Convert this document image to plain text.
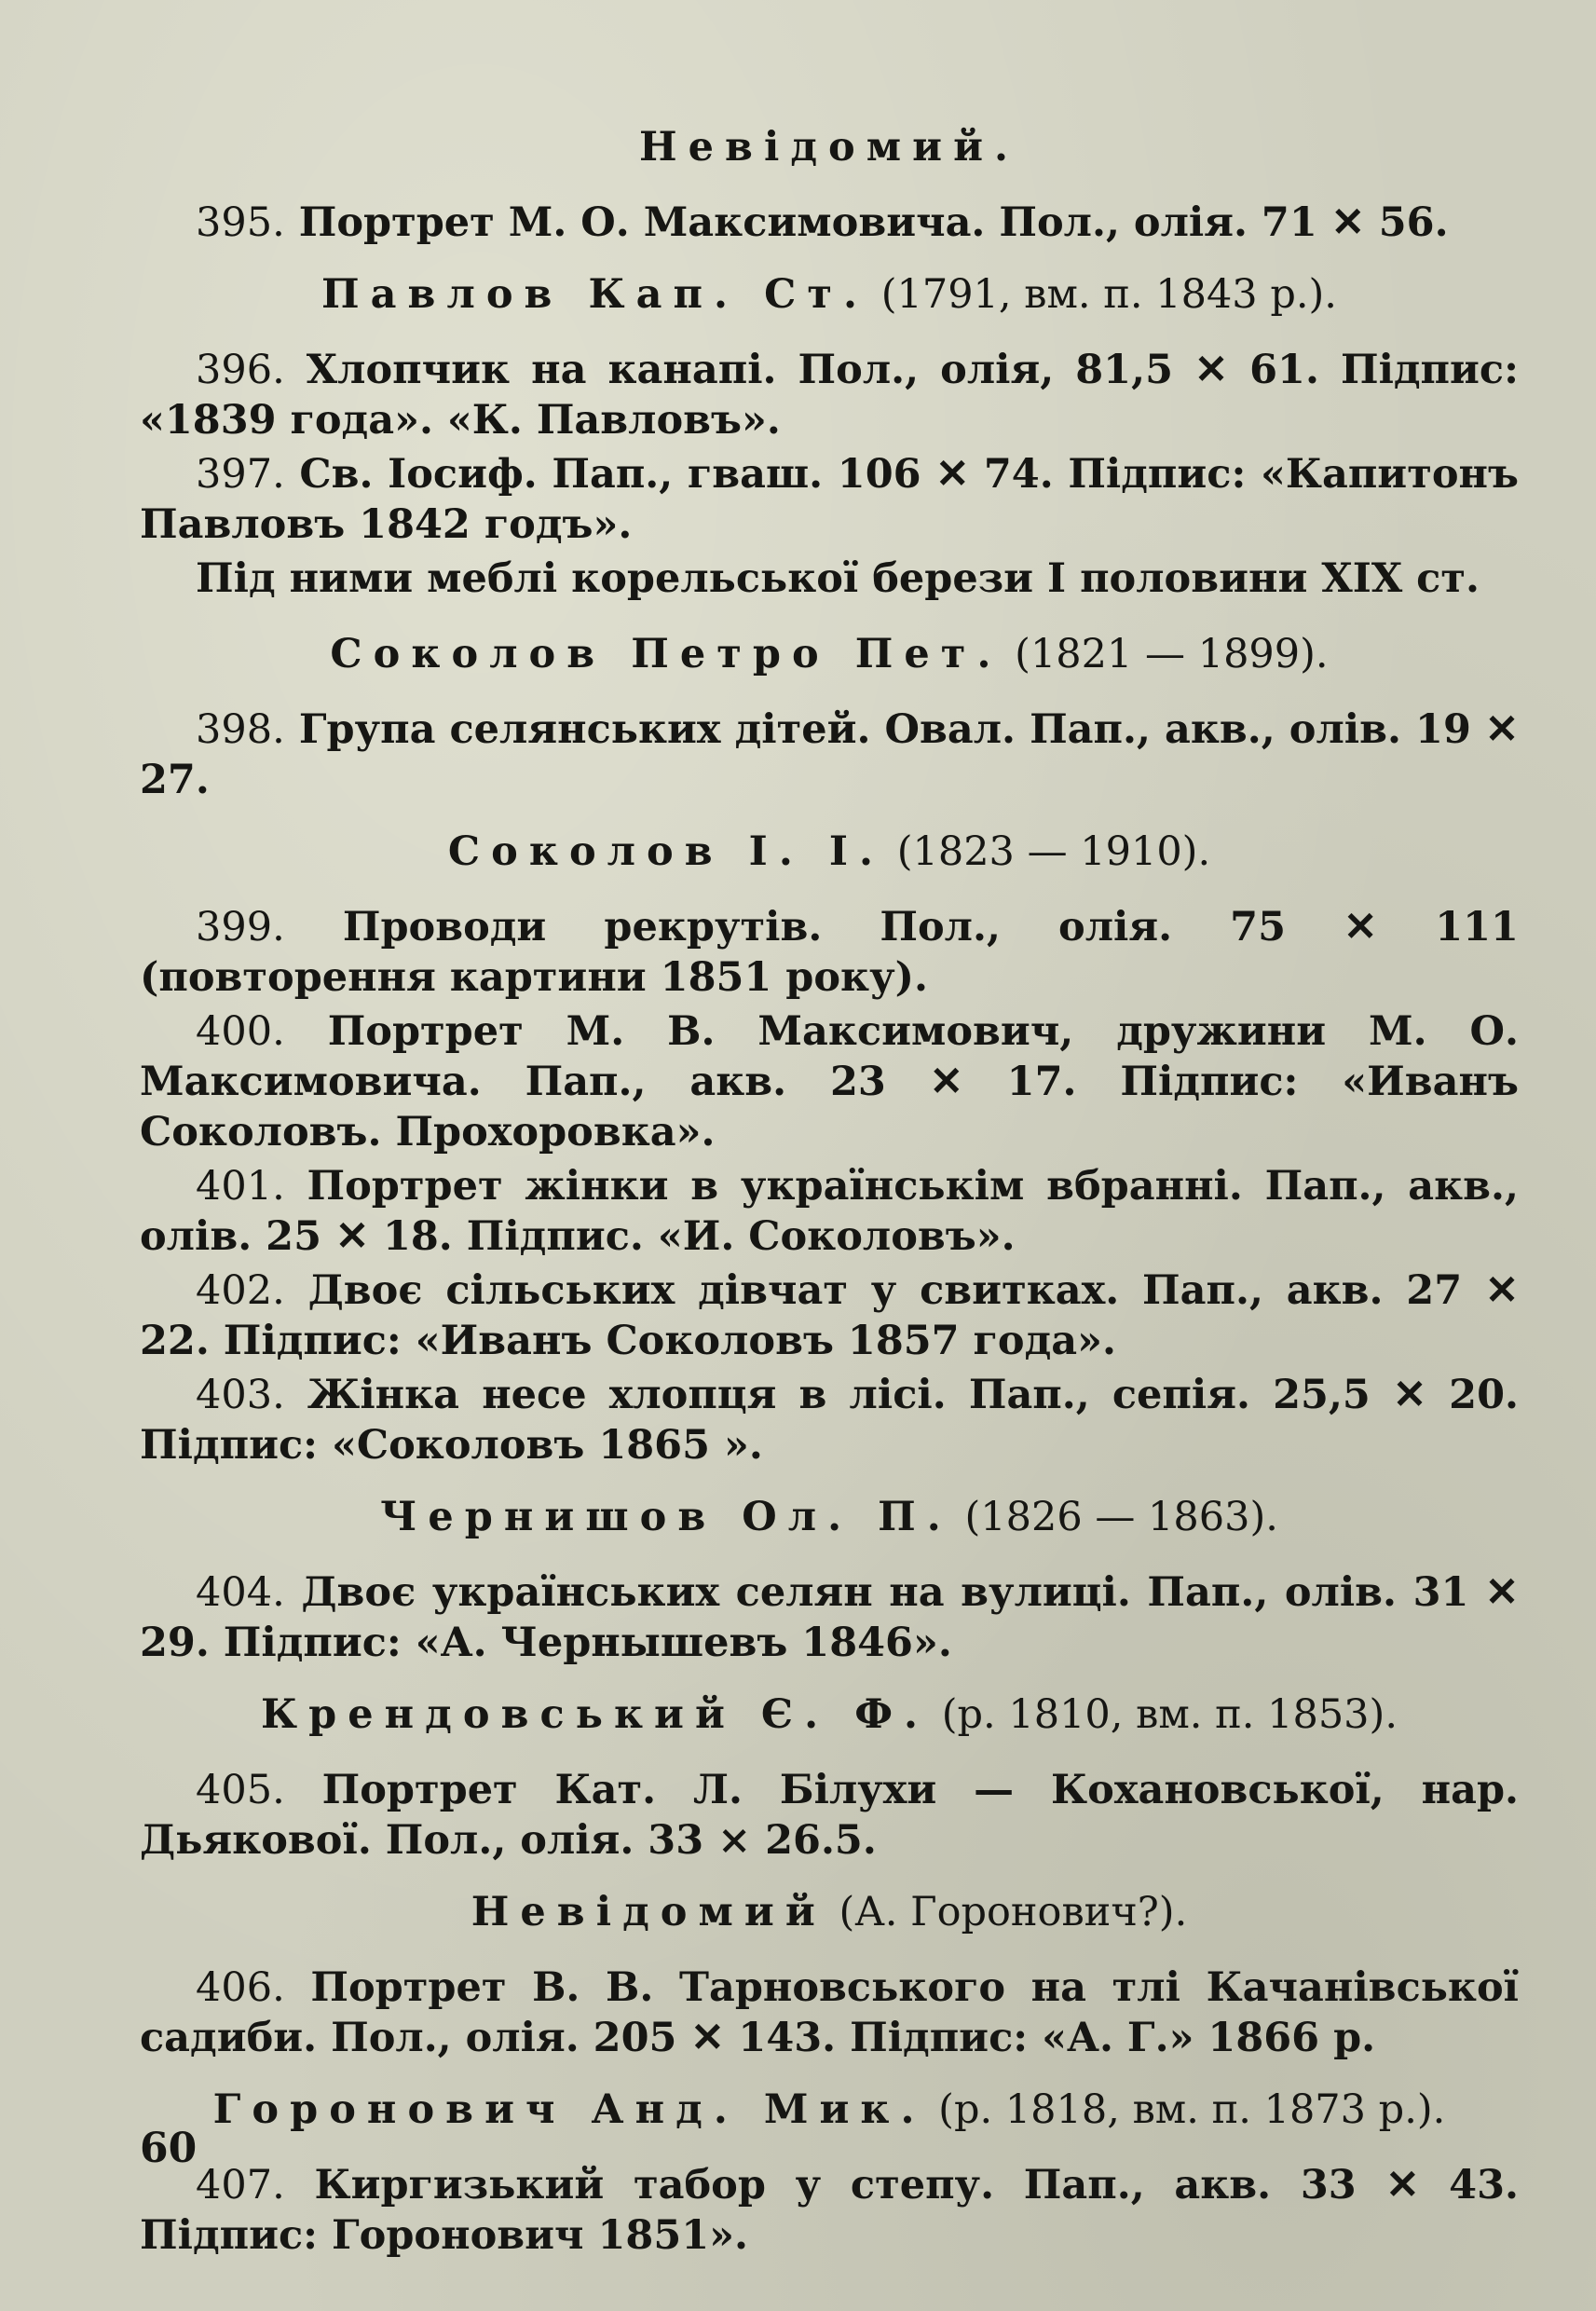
Невідомий.

395. Портрет М. О. Максимовича. Пол., олія. 71 ✕ 56.

Павлов Кап. Ст. (1791, вм. п. 1843 р.).

396. Хлопчик на канапі. Пол., олія, 81,5 ✕ 61. Підпис: «1839 года». «К. Павловъ».

397. Св. Іосиф. Пап., гваш. 106 ✕ 74. Підпис: «Капитонъ Павловъ 1842 годъ».

Під ними меблі корельської берези І половини XIX ст.

Соколов Петро Пет. (1821 — 1899).

398. Група селянських дітей. Овал. Пап., акв., олів. 19 ✕ 27.

Соколов І. І. (1823 — 1910).

399. Проводи рекрутів. Пол., олія. 75 ✕ 111 (повторення картини 1851 року).

400. Портрет М. В. Максимович, дружини М. О. Максимовича. Пап., акв. 23 ✕ 17. Підпис: «Иванъ Соколовъ. Прохоровка».

401. Портрет жінки в українськім вбранні. Пап., акв., олів. 25 ✕ 18. Підпис. «И. Соколовъ».

402. Двоє сільських дівчат у свитках. Пап., акв. 27 ✕ 22. Підпис: «Иванъ Соколовъ 1857 года».

403. Жінка несе хлопця в лісі. Пап., сепія. 25,5 ✕ 20. Підпис: «Соколовъ 1865 ».

Чернишов Ол. П. (1826 — 1863).

404. Двоє українських селян на вулиці. Пап., олів. 31 ✕ 29. Підпис: «А. Чернышевъ 1846».

Крендовський Є. Ф. (р. 1810, вм. п. 1853).

405. Портрет Кат. Л. Білухи — Кохановської, нар. Дьякової. Пол., олія. 33 × 26.5.

Невідомий (А. Горонович?).

406. Портрет В. В. Тарновського на тлі Качанівської садиби. Пол., олія. 205 ✕ 143. Підпис: «А. Г.» 1866 р.

Горонович Анд. Мик. (р. 1818, вм. п. 1873 р.).

407. Киргизький табор у степу. Пап., акв. 33 ✕ 43. Підпис: Горонович 1851».

60
